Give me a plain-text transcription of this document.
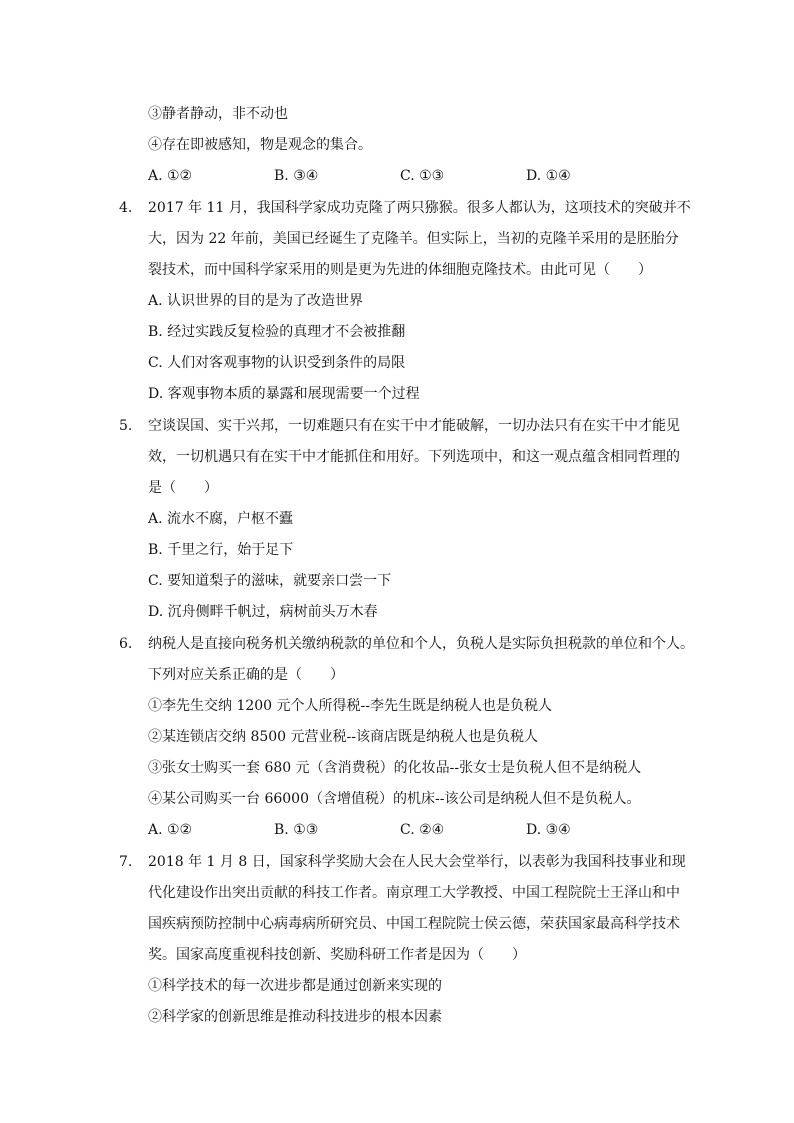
③静者静动，非不动也
④存在即被感知，物是观念的集合。
A. ①②	B. ③④	C. ①③	D. ①④
4.	2017 年 11 月，我国科学家成功克隆了两只猕猴。很多人都认为，这项技术的突破并不
大，因为 22 年前，美国已经诞生了克隆羊。但实际上，当初的克隆羊采用的是胚胎分
裂技术，而中国科学家采用的则是更为先进的体细胞克隆技术。由此可见（　　）
A. 认识世界的目的是为了改造世界
B. 经过实践反复检验的真理才不会被推翻
C. 人们对客观事物的认识受到条件的局限
D. 客观事物本质的暴露和展现需要一个过程
5.	空谈误国、实干兴邦，一切难题只有在实干中才能破解，一切办法只有在实干中才能见
效，一切机遇只有在实干中才能抓住和用好。下列选项中，和这一观点蕴含相同哲理的
是（　　）
A. 流水不腐，户枢不蠹
B. 千里之行，始于足下
C. 要知道梨子的滋味，就要亲口尝一下
D. 沉舟侧畔千帆过，病树前头万木春
6.	纳税人是直接向税务机关缴纳税款的单位和个人，负税人是实际负担税款的单位和个人。
下列对应关系正确的是（　　）
①李先生交纳 1200 元个人所得税--李先生既是纳税人也是负税人
②某连锁店交纳 8500 元营业税--该商店既是纳税人也是负税人
③张女士购买一套 680 元（含消费税）的化妆品--张女士是负税人但不是纳税人
④某公司购买一台 66000（含增值税）的机床--该公司是纳税人但不是负税人。
A. ①②	B. ①③	C. ②④	D. ③④
7.	2018 年 1 月 8 日，国家科学奖励大会在人民大会堂举行，以表彰为我国科技事业和现
代化建设作出突出贡献的科技工作者。南京理工大学教授、中国工程院院士王泽山和中
国疾病预防控制中心病毒病所研究员、中国工程院院士侯云德，荣获国家最高科学技术
奖。国家高度重视科技创新、奖励科研工作者是因为（　　）
①科学技术的每一次进步都是通过创新来实现的
②科学家的创新思维是推动科技进步的根本因素
